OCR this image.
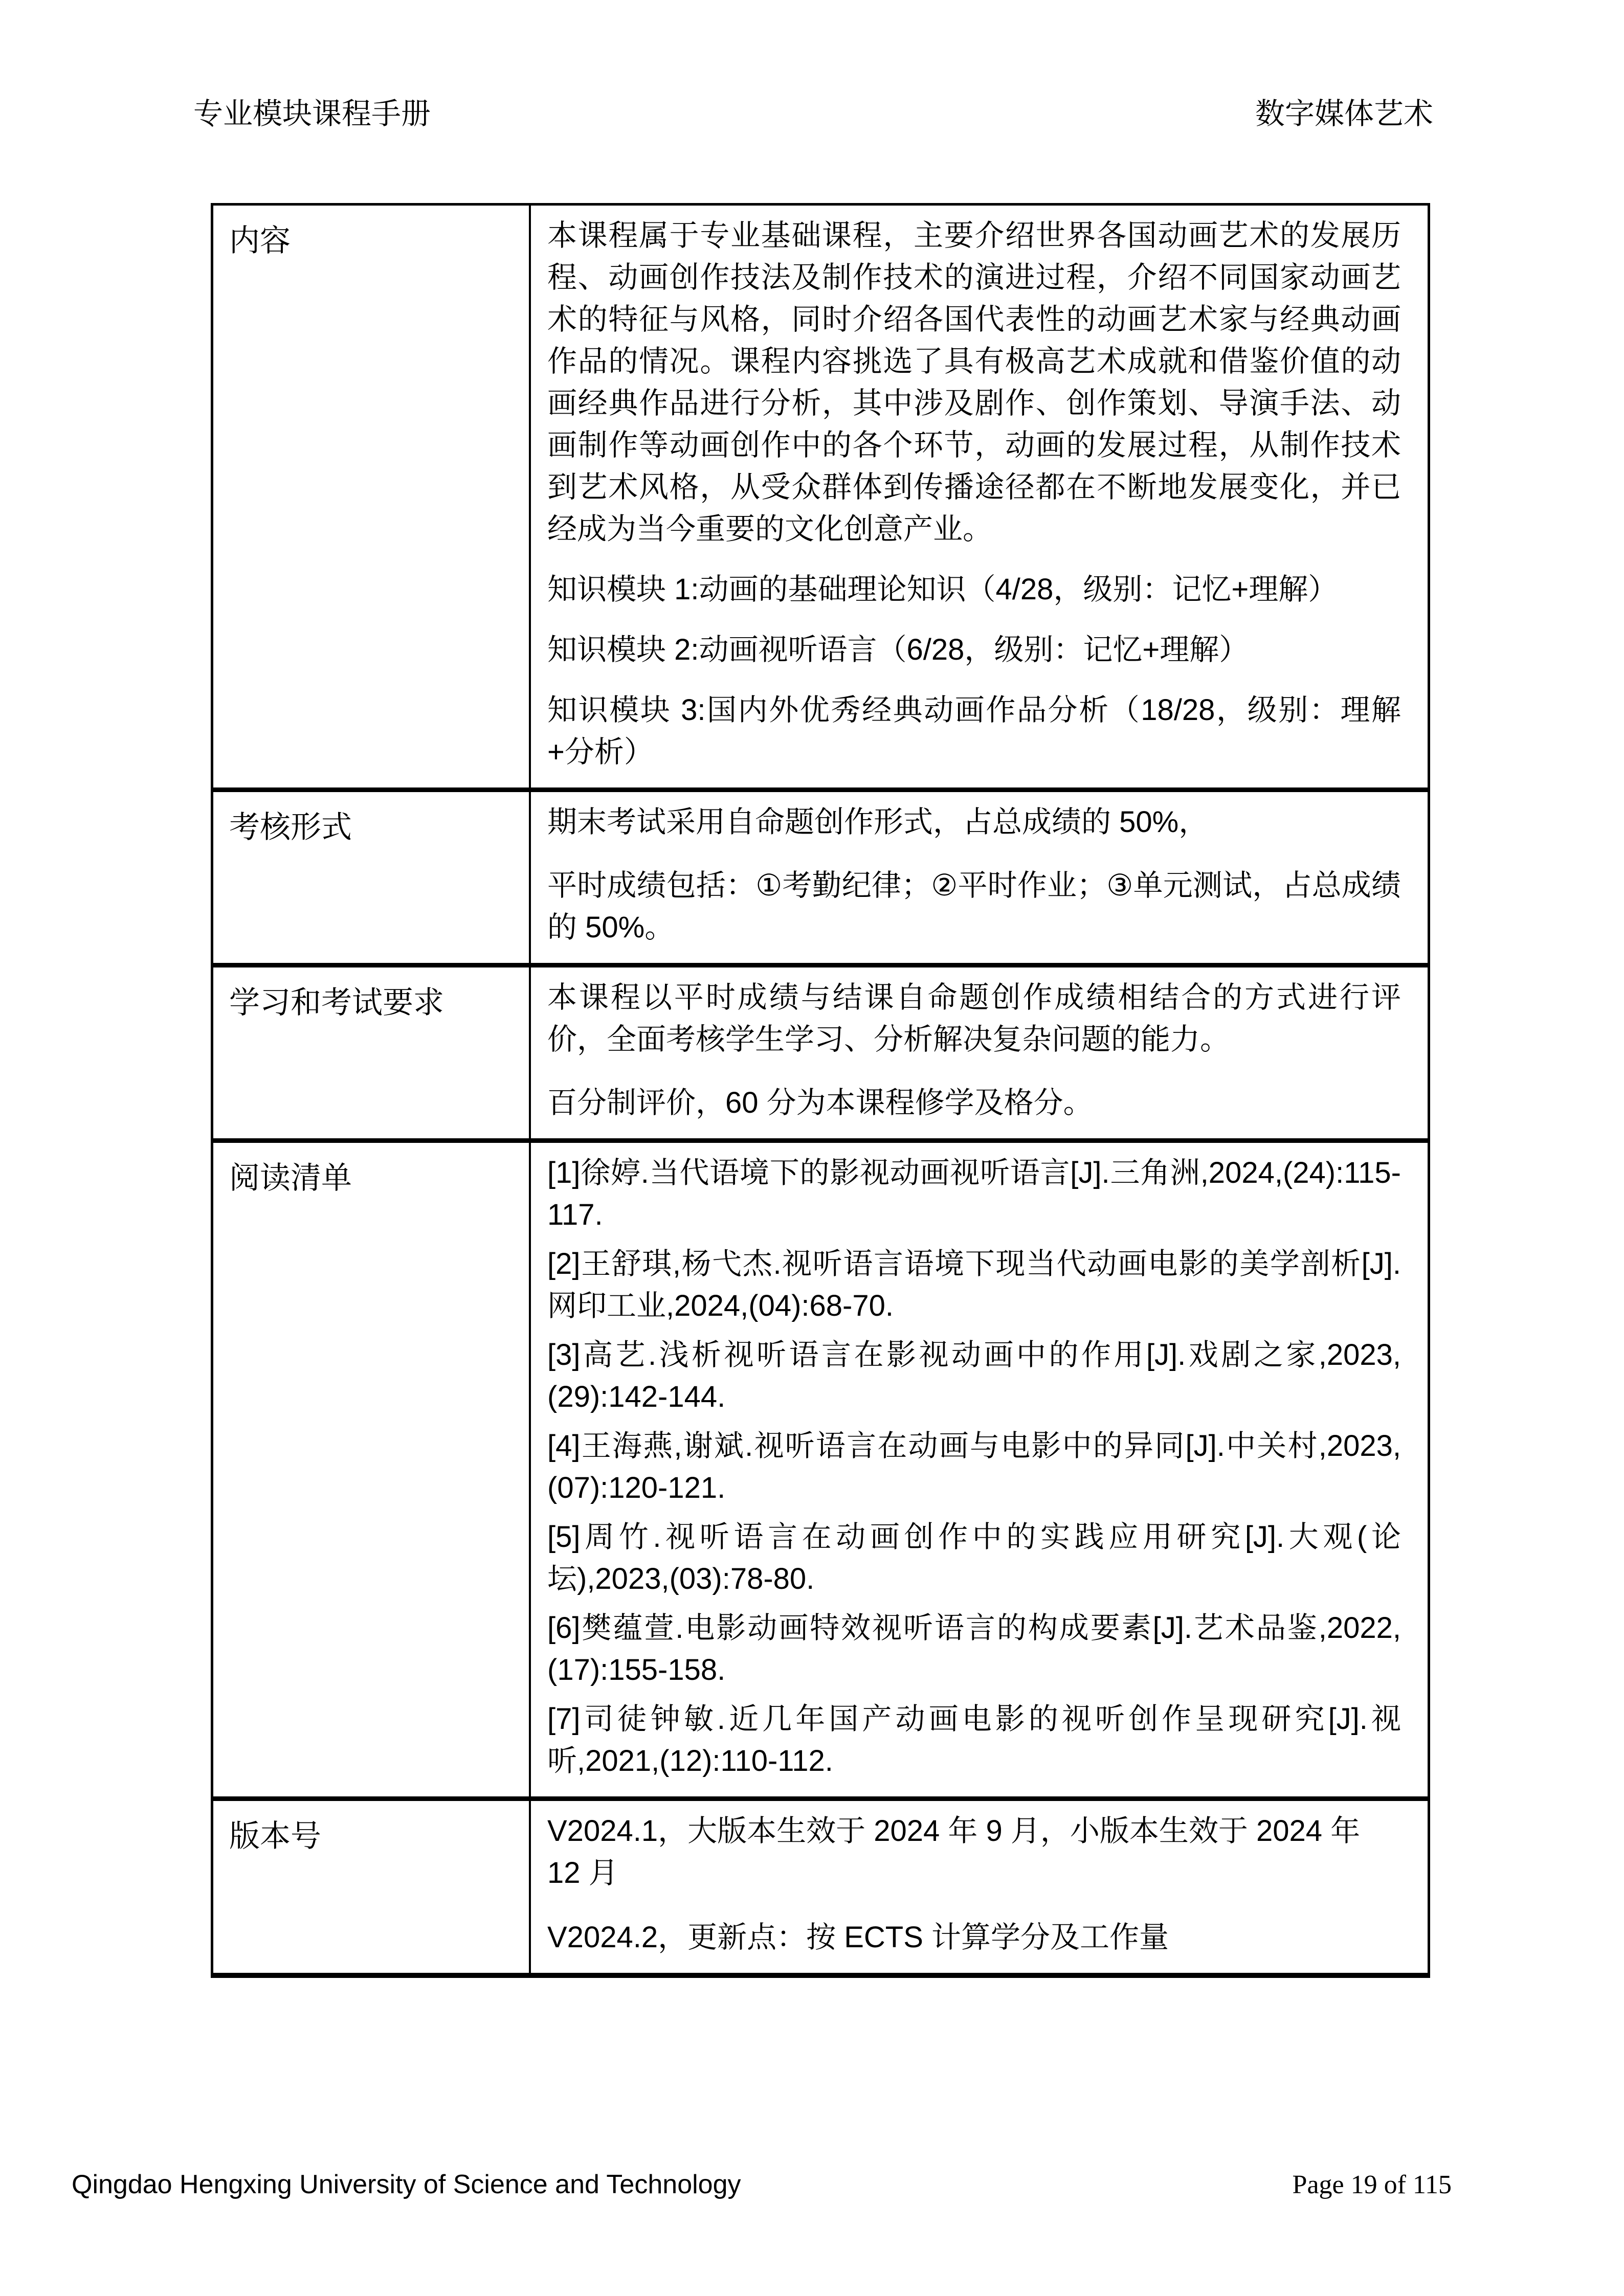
专业模块课程手册	数字媒体艺术
内容	本课程属于专业基础课程，主要介绍世界各国动画艺术的发展历程、动画创作技法及制作技术的演进过程，介绍不同国家动画艺术的特征与风格，同时介绍各国代表性的动画艺术家与经典动画作品的情况。课程内容挑选了具有极高艺术成就和借鉴价值的动画经典作品进行分析，其中涉及剧作、创作策划、导演手法、动画制作等动画创作中的各个环节，动画的发展过程，从制作技术到艺术风格，从受众群体到传播途径都在不断地发展变化，并已经成为当今重要的文化创意产业。

知识模块 1:动画的基础理论知识（4/28，级别：记忆+理解）

知识模块 2:动画视听语言（6/28，级别：记忆+理解）

知识模块 3:国内外优秀经典动画作品分析（18/28，级别：理解+分析）

考核形式	期末考试采用自命题创作形式，占总成绩的 50%，

平时成绩包括：①考勤纪律；②平时作业；③单元测试，占总成绩的 50%。

学习和考试要求	本课程以平时成绩与结课自命题创作成绩相结合的方式进行评价，全面考核学生学习、分析解决复杂问题的能力。

百分制评价，60 分为本课程修学及格分。

阅读清单	[1]徐婷.当代语境下的影视动画视听语言[J].三角洲,2024,(24):115-117.

[2]王舒琪,杨弋杰.视听语言语境下现当代动画电影的美学剖析[J].网印工业,2024,(04):68-70.

[3]高艺.浅析视听语言在影视动画中的作用[J].戏剧之家,2023,(29):142-144.

[4]王海燕,谢斌.视听语言在动画与电影中的异同[J].中关村,2023,(07):120-121.

[5]周竹.视听语言在动画创作中的实践应用研究[J].大观(论坛),2023,(03):78-80.

[6]樊蕴萱.电影动画特效视听语言的构成要素[J].艺术品鉴,2022,(17):155-158.

[7]司徒钟敏.近几年国产动画电影的视听创作呈现研究[J].视听,2021,(12):110-112.

版本号	V2024.1，大版本生效于 2024 年 9 月，小版本生效于 2024 年 12 月

V2024.2，更新点：按 ECTS 计算学分及工作量

Qingdao Hengxing University of Science and Technology	Page 19 of 115
